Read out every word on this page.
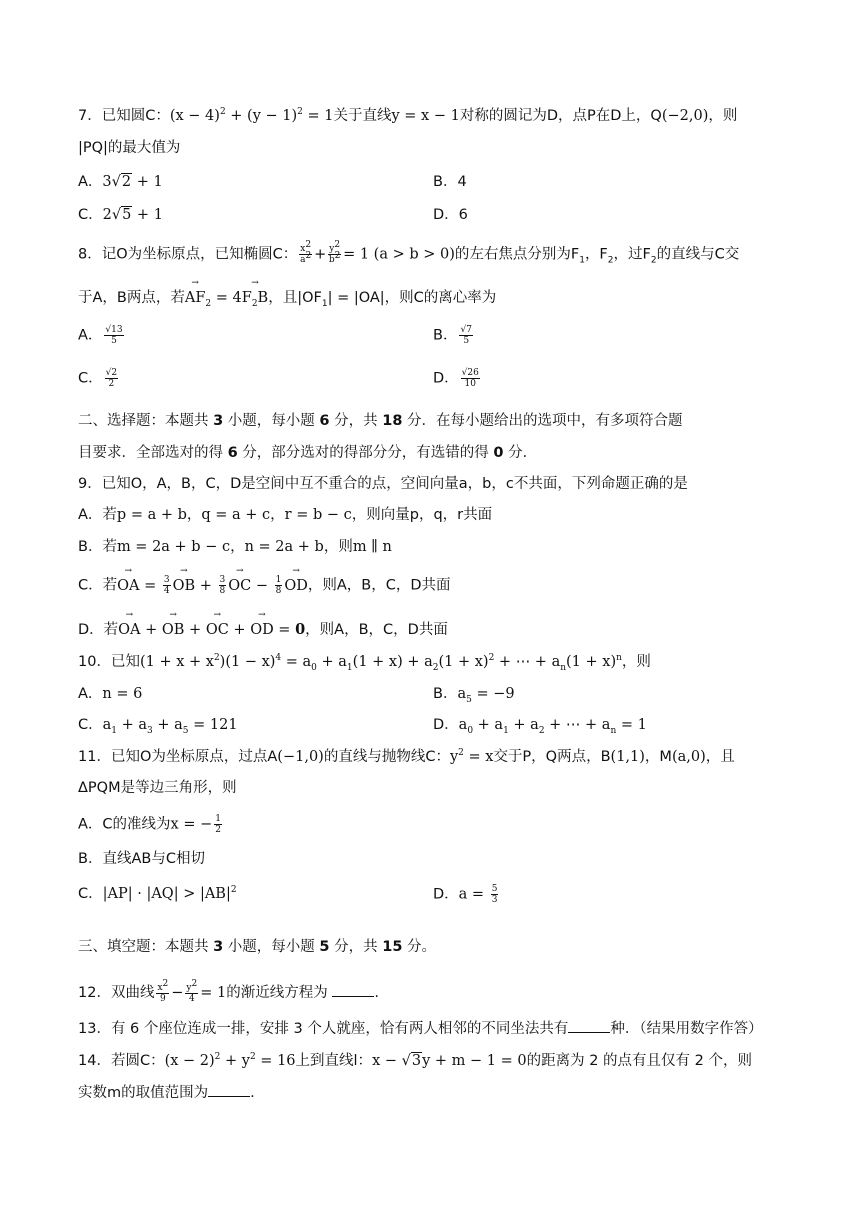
7．已知圆C：$(x - 4)^2 + (y - 1)^2 = 1$关于直线y = x − 1对称的圆记为D，点P在D上，Q(−2,0)，则
|PQ|的最大值为
A．3√2 + 1	B．4
C．2√5 + 1	D．6
8．记O为坐标原点，已知椭圆C： $\frac{x^2}{a^2} + \frac{y^2}{b^2} = 1$ (a > b > 0)的左右焦点分别为$F_1$，$F_2$，过$F_2$的直线与C交
于A，B两点，若→ $AF_2 = 4\to F_2B$，且$|OF_1| = |OA|$，则C的离心率为
A． $\frac{√13}{5}$	B． $\frac{√7}{5}$
C． $\frac{√2}{2}$	D． $\frac{√26}{10}$
二、选择题：本题共 3 小题，每小题 6 分，共 18 分．在每小题给出的选项中，有多项符合题
目要求．全部选对的得 6 分，部分选对的得部分分，有选错的得 0 分．
9．已知O，A，B，C，D是空间中互不重合的点，空间向量a，b，c不共面，下列命题正确的是
A．若p = a + b，q = a + c，r = b − c，则向量p，q，r共面
B．若m = 2a + b − c，n = 2a + b，则m ∥ n
C．若→ OA = $\frac{3}{4}$ → OB + $\frac{3}{8}$ → OC − $\frac{1}{8}$ → OD，则A，B，C，D共面
D．若→ OA + → OB + → OC + → OD = 0，则A，B，C，D共面
10．已知$(1 + x + x^2)(1 - x)^4 = a_0 + a_1(1 + x) + a_2(1 + x)^2$ + ⋯ + $a_n(1 + x)^n$，则
A．n = 6	B．$a_5 = -9$
C．$a_1 + a_3 + a_5 = 121$	D．$a_0 + a_1 + a_2$ + ⋯ + $a_n = 1$
11．已知O为坐标原点，过点A(−1,0)的直线与抛物线C：$y^2 = x$交于P，Q两点，B(1,1)，M(a,0)，且
ΔPQM是等边三角形，则
A．C的准线为x = − $\frac{1}{2}$
B．直线AB与C相切
C．$|AP| \cdot |AQ| > |AB|^2$	D．$a = \frac{5}{3}$
三、填空题：本题共 3 小题，每小题 5 分，共 15 分。
12．双曲线 $\frac{x^2}{9} - \frac{y^2}{4} = 1$的渐近线方程为	.
13．有 6 个座位连成一排，安排 3 个人就座，恰有两人相邻的不同坐法共有	种．（结果用数字作答）
14．若圆C：$(x - 2)^2 + y^2 = 16$上到直线l：x − √3y + m − 1 = 0的距离为 2 的点有且仅有 2 个，则
实数m的取值范围为	.
